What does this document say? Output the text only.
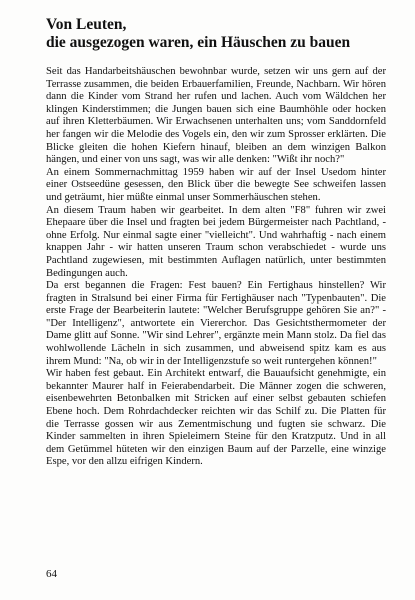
Von Leuten,
die ausgezogen waren, ein Häuschen zu bauen

Seit das Handarbeitshäuschen bewohnbar wurde, setzen wir uns gern auf der Terrasse zusammen, die beiden Erbauerfamilien, Freunde, Nachbarn. Wir hören dann die Kinder vom Strand her rufen und lachen. Auch vom Wäldchen her klingen Kinderstimmen; die Jungen bauen sich eine Baumhöhle oder hocken auf ihren Kletterbäumen. Wir Erwachsenen unterhalten uns; vom Sanddornfeld her fangen wir die Melodie des Vogels ein, den wir zum Sprosser erklärten. Die Blicke gleiten die hohen Kiefern hinauf, bleiben an dem winzigen Balkon hängen, und einer von uns sagt, was wir alle denken: "Wißt ihr noch?"

An einem Sommernachmittag 1959 haben wir auf der Insel Usedom hinter einer Ostseedüne gesessen, den Blick über die bewegte See schweifen lassen und geträumt, hier müßte einmal unser Sommerhäuschen stehen.

An diesem Traum haben wir gearbeitet. In dem alten "F8" fuhren wir zwei Ehepaare über die Insel und fragten bei jedem Bürgermeister nach Pachtland, - ohne Erfolg. Nur einmal sagte einer "vielleicht". Und wahrhaftig - nach einem knappen Jahr - wir hatten unseren Traum schon verabschiedet - wurde uns Pachtland zugewiesen, mit bestimmten Auflagen natürlich, unter bestimmten Bedingungen auch.

Da erst begannen die Fragen: Fest bauen? Ein Fertighaus hinstellen? Wir fragten in Stralsund bei einer Firma für Fertighäuser nach "Typenbauten". Die erste Frage der Bearbeiterin lautete: "Welcher Berufsgruppe gehören Sie an?" - "Der Intelligenz", antwortete ein Viererchor. Das Gesichtsthermometer der Dame glitt auf Sonne. "Wir sind Lehrer", ergänzte mein Mann stolz. Da fiel das wohlwollende Lächeln in sich zusammen, und abweisend spitz kam es aus ihrem Mund: "Na, ob wir in der Intelligenzstufe so weit runtergehen können!"

Wir haben fest gebaut. Ein Architekt entwarf, die Bauaufsicht genehmigte, ein bekannter Maurer half in Feierabendarbeit. Die Männer zogen die schweren, eisenbewehrten Betonbalken mit Stricken auf einer selbst gebauten schiefen Ebene hoch. Dem Rohrdachdecker reichten wir das Schilf zu. Die Platten für die Terrasse gossen wir aus Zementmischung und fugten sie schwarz. Die Kinder sammelten in ihren Spieleimern Steine für den Kratzputz. Und in all dem Getümmel hüteten wir den einzigen Baum auf der Parzelle, eine winzige Espe, vor den allzu eifrigen Kindern.

64
